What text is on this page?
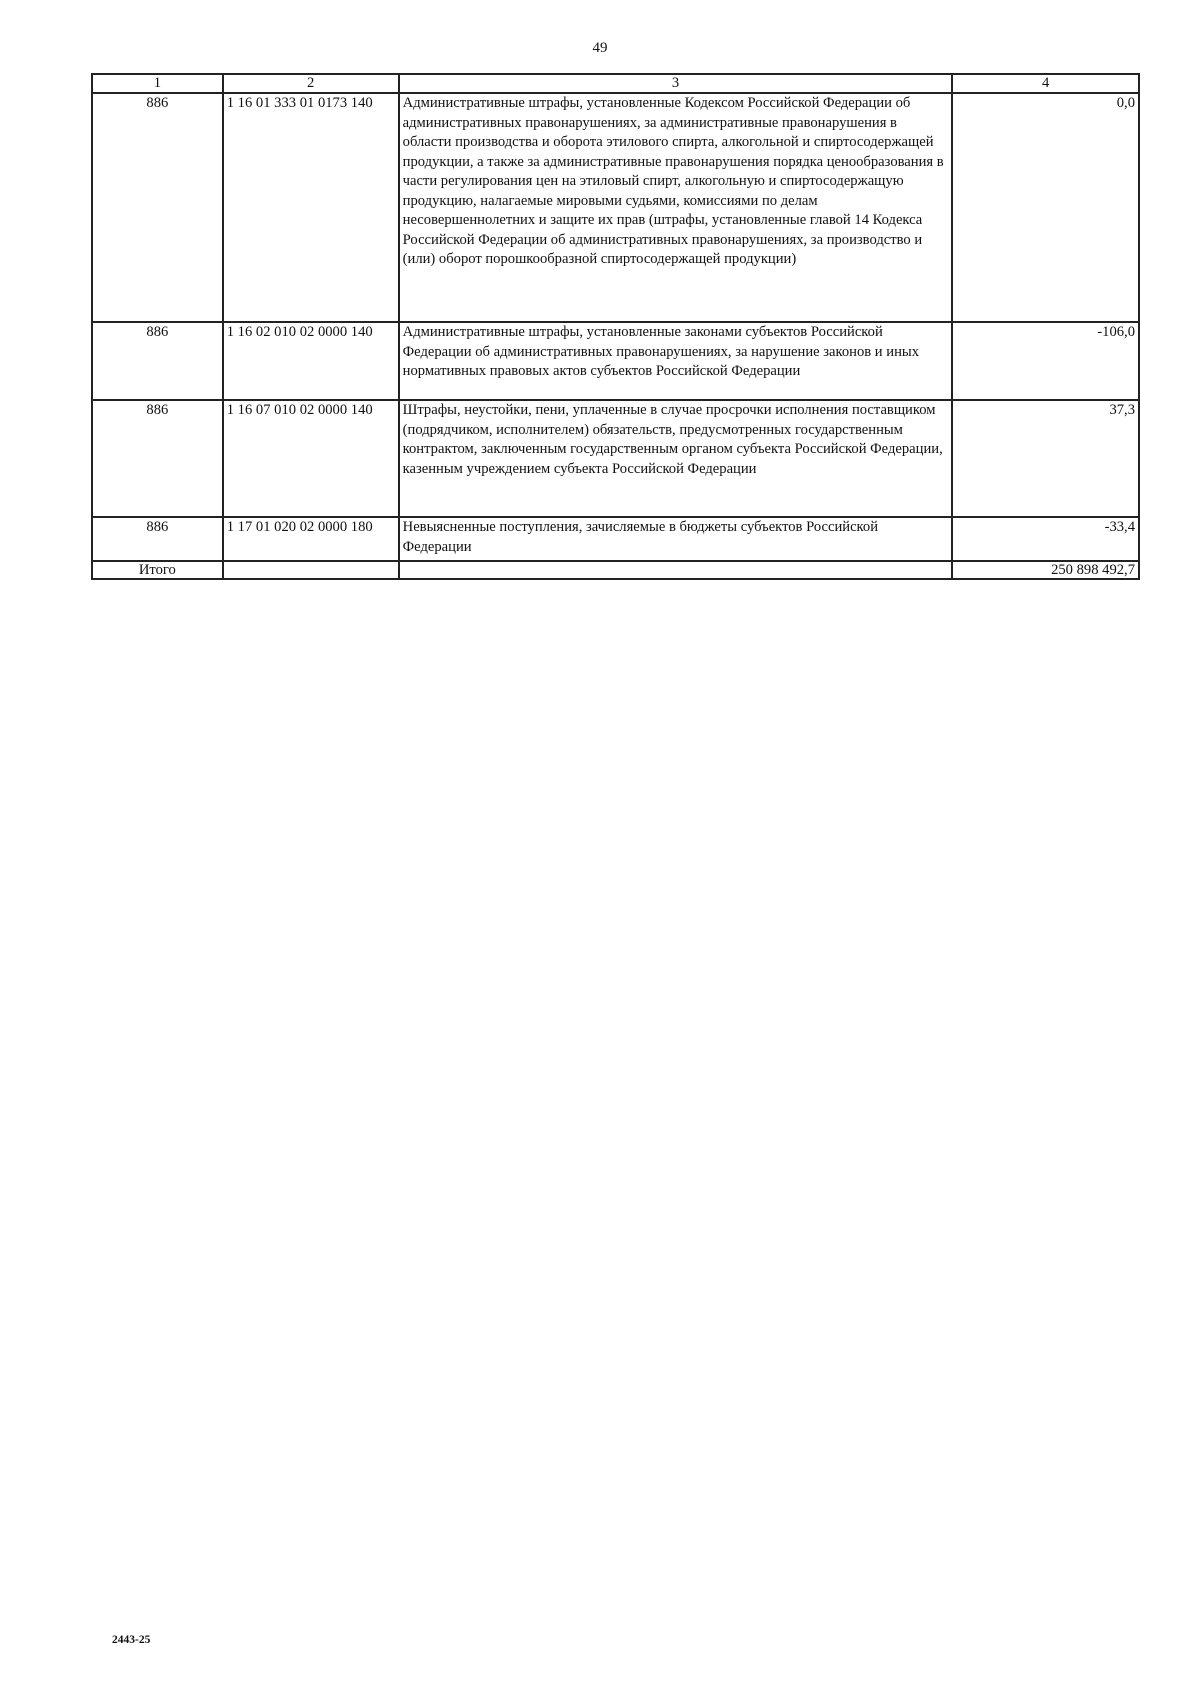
49
1	2	3	4
886	1 16 01 333 01 0173 140	Административные штрафы, установленные Кодексом Российской Федерации об административных правонарушениях, за административные правонарушения в области производства и оборота этилового спирта, алкогольной и спиртосодержащей продукции, а также за административные правонарушения порядка ценообразования в части регулирования цен на этиловый спирт, алкогольную и спиртосодержащую продукцию, налагаемые мировыми судьями, комиссиями по делам несовершеннолетних и защите их прав (штрафы, установленные главой 14 Кодекса Российской Федерации об административных правонарушениях, за производство и (или) оборот порошкообразной спиртосодержащей продукции)	0,0
886	1 16 02 010 02 0000 140	Административные штрафы, установленные законами субъектов Российской Федерации об административных правонарушениях, за нарушение законов и иных нормативных правовых актов субъектов Российской Федерации	-106,0
886	1 16 07 010 02 0000 140	Штрафы, неустойки, пени, уплаченные в случае просрочки исполнения поставщиком (подрядчиком, исполнителем) обязательств, предусмотренных государственным контрактом, заключенным государственным органом субъекта Российской Федерации, казенным учреждением субъекта Российской Федерации	37,3
886	1 17 01 020 02 0000 180	Невыясненные поступления, зачисляемые в бюджеты субъектов Российской Федерации	-33,4
Итого			250 898 492,7
2443-25
